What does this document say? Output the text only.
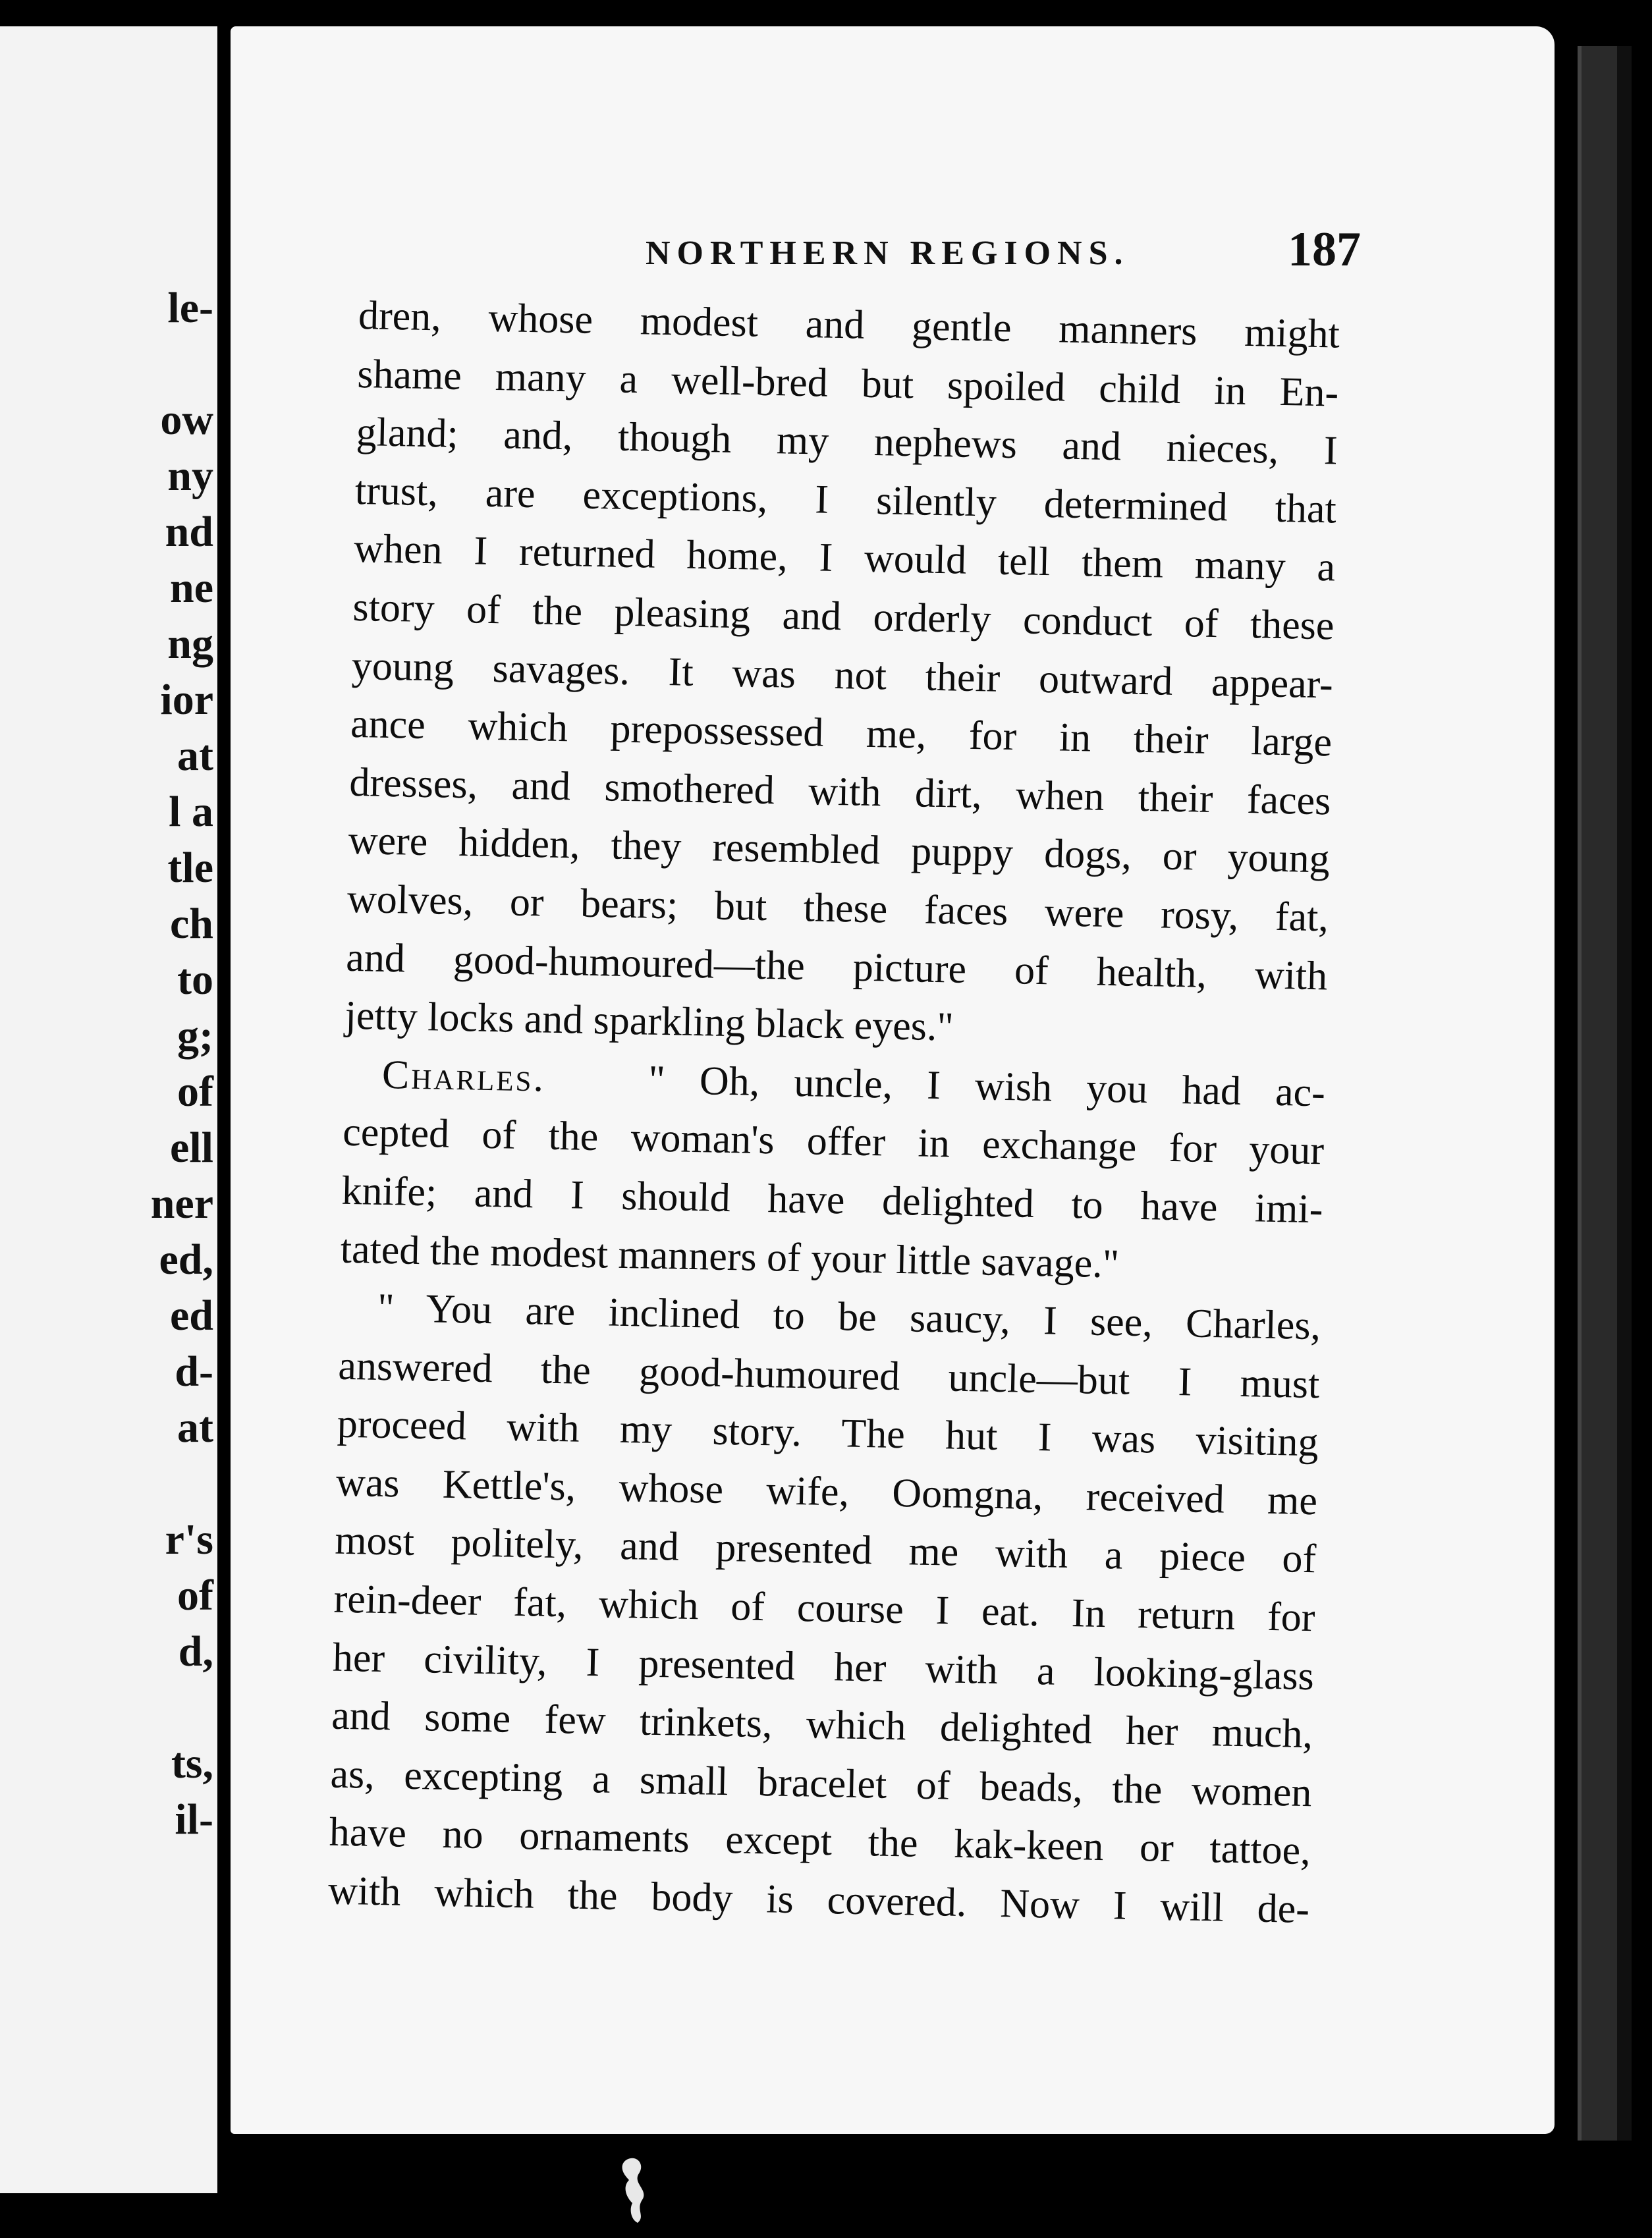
le-
ow
ny
nd
ne
ng
ior
at
l a
tle
ch
to
g;
of
ell
ner
ed,
ed
d-
at
r's
of
d,
ts,
il-
NORTHERN REGIONS.	187
dren, whose modest and gentle manners might
shame many a well-bred but spoiled child in En-
gland; and, though my nephews and nieces, I
trust, are exceptions, I silently determined that
when I returned home, I would tell them many a
story of the pleasing and orderly conduct of these
young savages. It was not their outward appear-
ance which prepossessed me, for in their large
dresses, and smothered with dirt, when their faces
were hidden, they resembled puppy dogs, or young
wolves, or bears; but these faces were rosy, fat,
and good-humoured—the picture of health, with
jetty locks and sparkling black eyes."
Charles.	" Oh, uncle, I wish you had ac-
cepted of the woman's offer in exchange for your
knife; and I should have delighted to have imi-
tated the modest manners of your little savage."
" You are inclined to be saucy, I see, Charles,
answered the good-humoured uncle—but I must
proceed with my story. The hut I was visiting
was Kettle's, whose wife, Oomgna, received me
most politely, and presented me with a piece of
rein-deer fat, which of course I eat. In return for
her civility, I presented her with a looking-glass
and some few trinkets, which delighted her much,
as, excepting a small bracelet of beads, the women
have no ornaments except the kak-keen or tattoe,
with which the body is covered. Now I will de-
